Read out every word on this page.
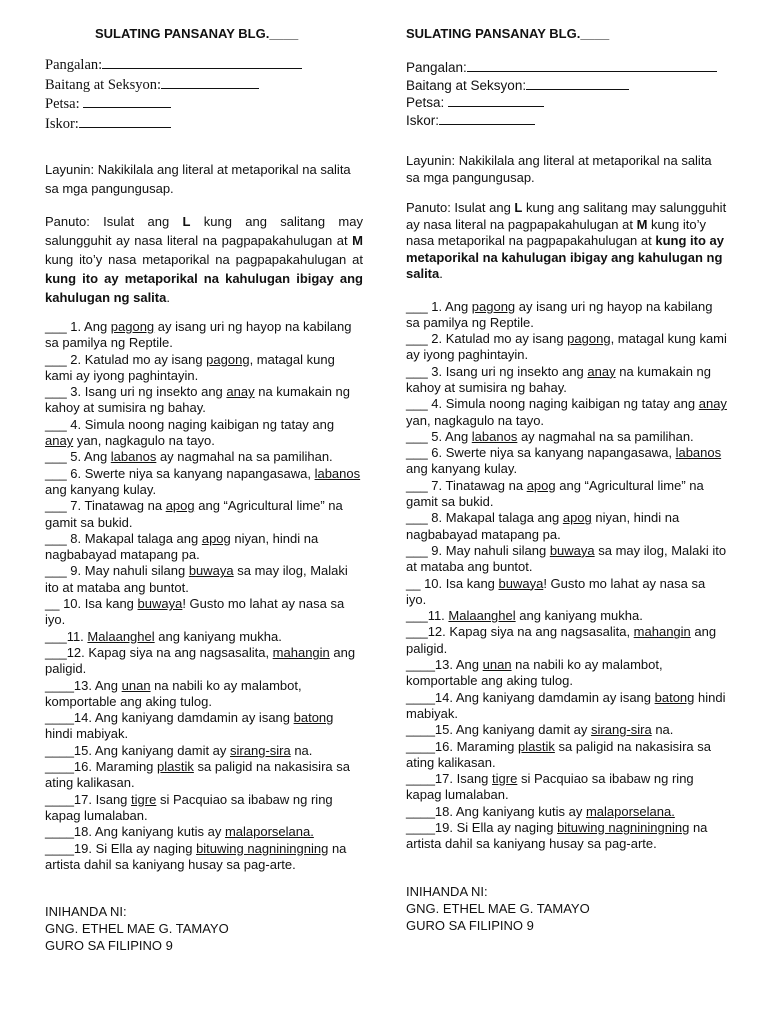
SULATING PANSANAY BLG.____
Pangalan:
Baitang at Seksyon:
Petsa:
Iskor:

Layunin: Nakikilala ang literal at metaporikal na salita sa mga pangungusap.

Panuto: Isulat ang L kung ang salitang may salungguhit ay nasa literal na pagpapakahulugan at M kung ito’y nasa metaporikal na pagpapakahulugan at kung ito ay metaporikal na kahulugan ibigay ang kahulugan ng salita.

___ 1. Ang pagong ay isang uri ng hayop na kabilang sa pamilya ng Reptile.
___ 2. Katulad mo ay isang pagong, matagal kung kami ay iyong paghintayin.
___ 3. Isang uri ng insekto ang anay na kumakain ng kahoy at sumisira ng bahay.
___ 4. Simula noong naging kaibigan ng tatay ang anay yan, nagkagulo na tayo.
___ 5. Ang labanos ay nagmahal na sa pamilihan.
___ 6. Swerte niya sa kanyang napangasawa, labanos ang kanyang kulay.
___ 7. Tinatawag na apog ang “Agricultural lime” na gamit sa bukid.
___ 8. Makapal talaga ang apog niyan, hindi na nagbabayad matapang pa.
___ 9. May nahuli silang buwaya sa may ilog, Malaki ito at mataba ang buntot.
__ 10. Isa kang buwaya! Gusto mo lahat ay nasa sa iyo.
___11. Malaanghel ang kaniyang mukha.
___12. Kapag siya na ang nagsasalita, mahangin ang paligid.
____13. Ang unan na nabili ko ay malambot, komportable ang aking tulog.
____14. Ang kaniyang damdamin ay isang batong hindi mabiyak.
____15. Ang kaniyang damit ay sirang-sira na.
____16. Maraming plastik sa paligid na nakasisira sa ating kalikasan.
____17. Isang tigre si Pacquiao sa ibabaw ng ring kapag lumalaban.
____18. Ang kaniyang kutis ay malaporselana.
____19. Si Ella ay naging bituwing nagniningning na artista dahil sa kaniyang husay sa pag-arte.
INIHANDA NI:
GNG. ETHEL MAE G. TAMAYO
GURO SA FILIPINO 9
SULATING PANSANAY BLG.____
Pangalan:
Baitang at Seksyon:
Petsa:
Iskor:

Layunin: Nakikilala ang literal at metaporikal na salita sa mga pangungusap.

Panuto: Isulat ang L kung ang salitang may salungguhit ay nasa literal na pagpapakahulugan at M kung ito’y nasa metaporikal na pagpapakahulugan at kung ito ay metaporikal na kahulugan ibigay ang kahulugan ng salita.

___ 1. Ang pagong ay isang uri ng hayop na kabilang sa pamilya ng Reptile.
___ 2. Katulad mo ay isang pagong, matagal kung kami ay iyong paghintayin.
___ 3. Isang uri ng insekto ang anay na kumakain ng kahoy at sumisira ng bahay.
___ 4. Simula noong naging kaibigan ng tatay ang anay yan, nagkagulo na tayo.
___ 5. Ang labanos ay nagmahal na sa pamilihan.
___ 6. Swerte niya sa kanyang napangasawa, labanos ang kanyang kulay.
___ 7. Tinatawag na apog ang “Agricultural lime” na gamit sa bukid.
___ 8. Makapal talaga ang apog niyan, hindi na nagbabayad matapang pa.
___ 9. May nahuli silang buwaya sa may ilog, Malaki ito at mataba ang buntot.
__ 10. Isa kang buwaya! Gusto mo lahat ay nasa sa iyo.
___11. Malaanghel ang kaniyang mukha.
___12. Kapag siya na ang nagsasalita, mahangin ang paligid.
____13. Ang unan na nabili ko ay malambot, komportable ang aking tulog.
____14. Ang kaniyang damdamin ay isang batong hindi mabiyak.
____15. Ang kaniyang damit ay sirang-sira na.
____16. Maraming plastik sa paligid na nakasisira sa ating kalikasan.
____17. Isang tigre si Pacquiao sa ibabaw ng ring kapag lumalaban.
____18. Ang kaniyang kutis ay malaporselana.
____19. Si Ella ay naging bituwing nagniningning na artista dahil sa kaniyang husay sa pag-arte.
INIHANDA NI:
GNG. ETHEL MAE G. TAMAYO
GURO SA FILIPINO 9
